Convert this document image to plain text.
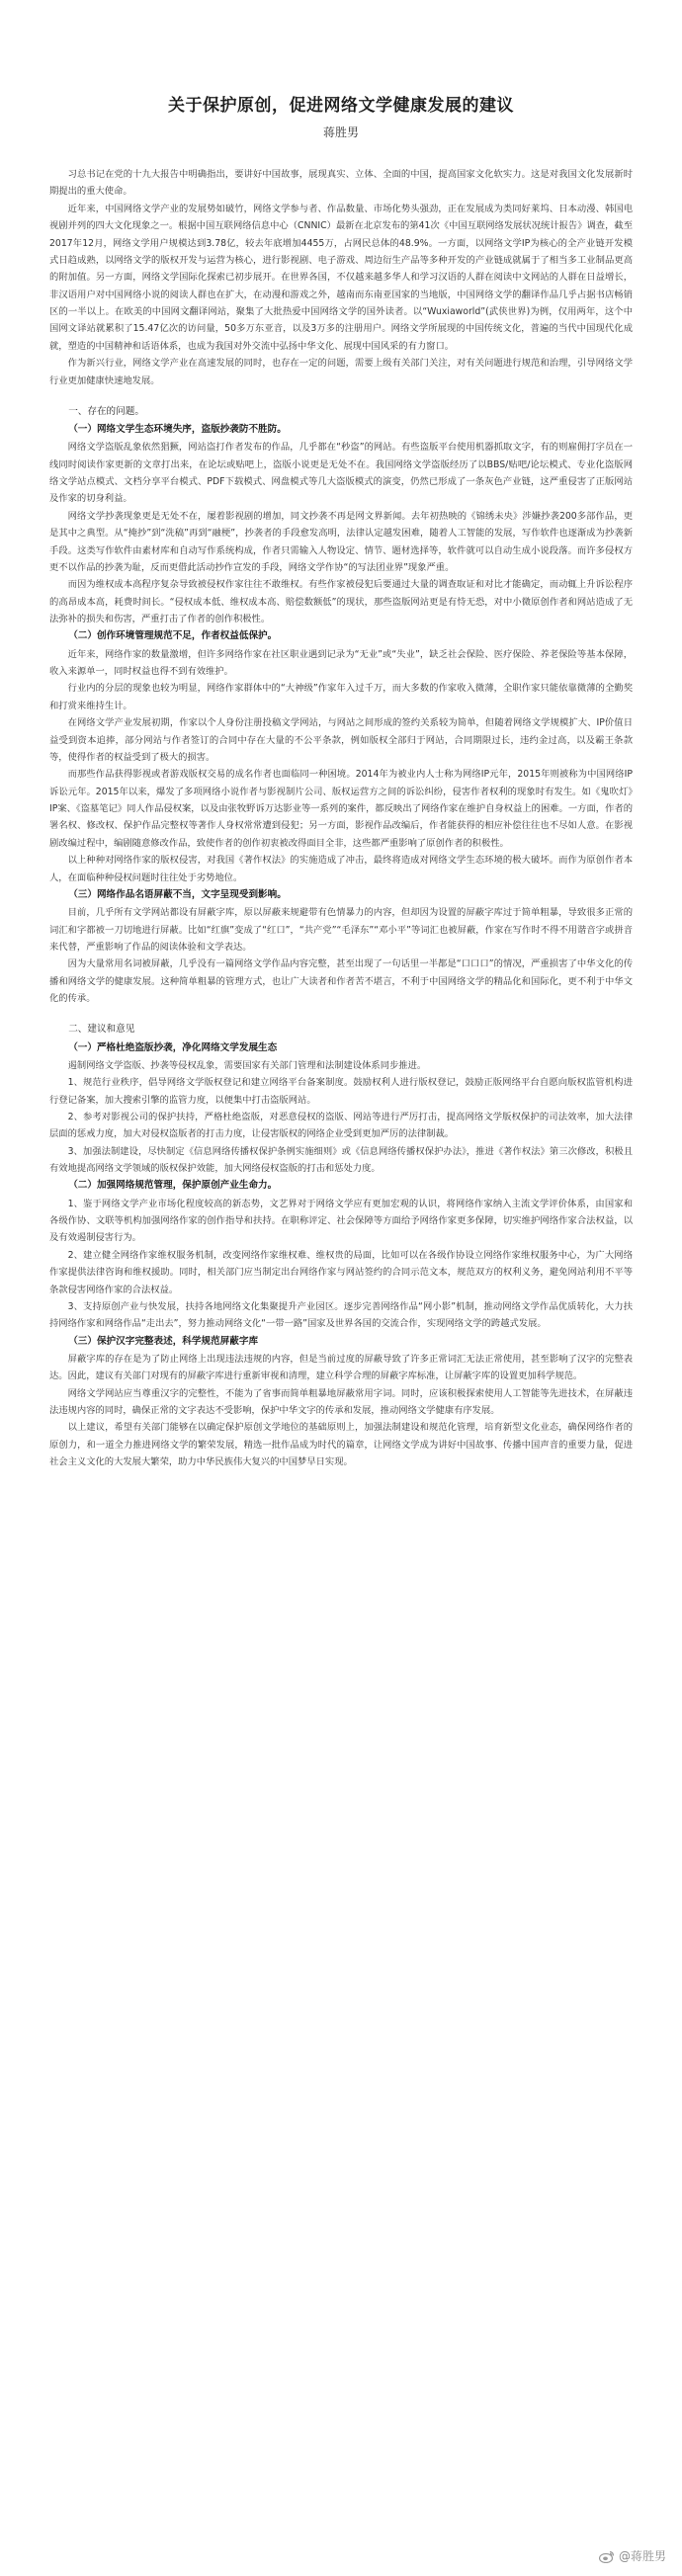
关于保护原创，促进网络文学健康发展的建议
蒋胜男

习总书记在党的十九大报告中明确指出，要讲好中国故事，展现真实、立体、全面的中国，提高国家文化软实力。这是对我国文化发展新时期提出的重大使命。

近年来，中国网络文学产业的发展势如破竹，网络文学参与者、作品数量、市场化势头强劲，正在发展成为类同好莱坞、日本动漫、韩国电视剧并列的四大文化现象之一。根据中国互联网络信息中心（CNNIC）最新在北京发布的第41次《中国互联网络发展状况统计报告》调查，截至2017年12月，网络文学用户规模达到3.78亿，较去年底增加4455万，占网民总体的48.9%。一方面，以网络文学IP为核心的全产业链开发模式日趋成熟，以网络文学的版权开发与运营为核心，进行影视剧、电子游戏、周边衍生产品等多种开发的产业链成就属于了相当多工业制品更高的附加值。另一方面，网络文学国际化探索已初步展开。在世界各国，不仅越来越多华人和学习汉语的人群在阅读中文网站的人群在日益增长，非汉语用户对中国网络小说的阅读人群也在扩大，在动漫和游戏之外，越南而东南亚国家的当地版，中国网络文学的翻译作品几乎占据书店畅销区的一半以上。在欧美的中国网文翻译网站，聚集了大批热爱中国网络文学的国外读者。以“Wuxiaworld”(武侠世界)为例，仅用两年，这个中国网文译站就累积了15.47亿次的访问量，50多万东亚音，以及3万多的注册用户。网络文学所展现的中国传统文化，普遍的当代中国现代化成就，塑造的中国精神和话语体系，也成为我国对外交流中弘扬中华文化、展现中国风采的有力窗口。

作为新兴行业，网络文学产业在高速发展的同时，也存在一定的问题，需要上级有关部门关注，对有关问题进行规范和治理，引导网络文学行业更加健康快速地发展。

一、存在的问题。
（一）网络文学生态环境失序，盗版抄袭防不胜防。

网络文学盗版乱象依然猖獗，网站盗打作者发布的作品，几乎都在“秒盗”的网站。有些盗版平台使用机器抓取文字，有的则雇佣打字员在一线同时阅读作家更新的文章打出来，在论坛或贴吧上，盗版小说更是无处不在。我国网络文学盗版经历了以BBS/贴吧/论坛模式、专业化盗版网络文学站点模式、文档分享平台模式、PDF下载模式、网盘模式等几大盗版模式的演变，仍然已形成了一条灰色产业链，这严重侵害了正版网站及作家的切身利益。

网络文学抄袭现象更是无处不在，屡着影视剧的增加，同文抄袭不再是网文界新闻。去年初热映的《锦绣未央》涉嫌抄袭200多部作品，更是其中之典型。从“掩抄”到“洗稿”再到“融梗”，抄袭者的手段愈发高明，法律认定越发困难，随着人工智能的发展，写作软件也逐渐成为抄袭新手段。这类写作软件由素材库和自动写作系统构成，作者只需输入人物设定、情节、题材选择等，软件就可以自动生成小说段落。而许多侵权方更不以作品的抄袭为耻，反而更借此活动抄作宣发的手段，网络文学作协“的写法团业界”现象严重。

而因为维权成本高程序复杂导致被侵权作家往往不敢维权。有些作家被侵犯后要通过大量的调查取证和对比才能确定，而动辄上升诉讼程序的高昂成本高，耗费时间长。“侵权成本低、维权成本高、赔偿数额低”的现状，那些盗版网站更是有恃无恐，对中小微原创作者和网站造成了无法弥补的损失和伤害，严重打击了作者的创作积极性。

（二）创作环境管理规范不足，作者权益低保护。

近年来，网络作家的数量激增，但许多网络作家在社区职业遇到记录为“无业”或“失业”，缺乏社会保险、医疗保险、养老保险等基本保障，收入来源单一，同时权益也得不到有效维护。

行业内的分层的现象也较为明显，网络作家群体中的“大神级”作家年入过千万，而大多数的作家收入微薄，全职作家只能依靠微薄的全勤奖和打赏来维持生计。

在网络文学产业发展初期，作家以个人身份注册投稿文学网站，与网站之间形成的签约关系较为简单，但随着网络文学规模扩大、IP价值日益受到资本追捧，部分网站与作者签订的合同中存在大量的不公平条款，例如版权全部归于网站，合同期限过长，违约金过高，以及霸王条款等，使得作者的权益受到了极大的损害。

而那些作品获得影视或者游戏版权交易的成名作者也面临同一种困境。2014年为被业内人士称为网络IP元年，2015年则被称为中国网络IP诉讼元年。2015年以来，爆发了多项网络小说作者与影视制片公司、版权运营方之间的诉讼纠纷，侵害作者权利的现象时有发生。如《鬼吹灯》IP案、《盗墓笔记》同人作品侵权案，以及由张牧野诉万达影业等一系列的案件，都反映出了网络作家在维护自身权益上的困难。一方面，作者的署名权、修改权、保护作品完整权等著作人身权常常遭到侵犯；另一方面，影视作品改编后，作者能获得的相应补偿往往也不尽如人意。在影视剧改编过程中，编剧随意修改作品，致使作者的创作初衷被改得面目全非，这些都严重影响了原创作者的积极性。

以上种种对网络作家的版权侵害，对我国《著作权法》的实施造成了冲击，最终将造成对网络文学生态环境的极大破坏。而作为原创作者本人，在面临种种侵权问题时往往处于劣势地位。

（三）网络作品名语屏蔽不当，文字呈现受到影响。

目前，几乎所有文学网站都设有屏蔽字库，原以屏蔽来规避带有色情暴力的内容，但却因为设置的屏蔽字库过于简单粗暴，导致很多正常的词汇和字都被一刀切地进行屏蔽。比如“红旗”变成了“红口”，“共产党”“毛泽东”“邓小平”等词汇也被屏蔽，作家在写作时不得不用谐音字或拼音来代替，严重影响了作品的阅读体验和文学表达。

因为大量常用名词被屏蔽，几乎没有一篇网络文学作品内容完整，甚至出现了一句话里一半都是“口口口”的情况，严重损害了中华文化的传播和网络文学的健康发展。这种简单粗暴的管理方式，也让广大读者和作者苦不堪言，不利于中国网络文学的精品化和国际化，更不利于中华文化的传承。

二、建议和意见
（一）严格杜绝盗版抄袭，净化网络文学发展生态

遏制网络文学盗版、抄袭等侵权乱象，需要国家有关部门管理和法制建设体系同步推进。

1、规范行业秩序，倡导网络文学版权登记和建立网络平台备案制度。鼓励权利人进行版权登记，鼓励正版网络平台自愿向版权监管机构进行登记备案，加大搜索引擎的监管力度，以便集中打击盗版网站。

2、参考对影视公司的保护扶持，严格杜绝盗版，对恶意侵权的盗版、网站等进行严厉打击，提高网络文学版权保护的司法效率，加大法律层面的惩戒力度，加大对侵权盗版者的打击力度，让侵害版权的网络企业受到更加严厉的法律制裁。

3、加强法制建设，尽快制定《信息网络传播权保护条例实施细则》或《信息网络传播权保护办法》，推进《著作权法》第三次修改，积极且有效地提高网络文学领域的版权保护效能，加大网络侵权盗版的打击和惩处力度。

（二）加强网络规范管理，保护原创产业生命力。

1、鉴于网络文学产业市场化程度较高的新态势，文艺界对于网络文学应有更加宏观的认识，将网络作家纳入主流文学评价体系，由国家和各级作协、文联等机构加强网络作家的创作指导和扶持。在职称评定、社会保障等方面给予网络作家更多保障，切实维护网络作家合法权益，以及有效遏制侵害行为。

2、建立健全网络作家维权服务机制，改变网络作家维权难、维权贵的局面，比如可以在各级作协设立网络作家维权服务中心，为广大网络作家提供法律咨询和维权援助。同时，相关部门应当制定出台网络作家与网站签约的合同示范文本，规范双方的权利义务，避免网站利用不平等条款侵害网络作家的合法权益。

3、支持原创产业与快发展，扶持各地网络文化集聚提升产业园区。逐步完善网络作品“网小影”机制，推动网络文学作品优质转化，大力扶持网络作家和网络作品“走出去”，努力推动网络文化“一带一路”国家及世界各国的交流合作，实现网络文学的跨越式发展。

（三）保护汉字完整表述，科学规范屏蔽字库

屏蔽字库的存在是为了防止网络上出现违法违规的内容，但是当前过度的屏蔽导致了许多正常词汇无法正常使用，甚至影响了汉字的完整表达。因此，建议有关部门对现有的屏蔽字库进行重新审视和清理，建立科学合理的屏蔽字库标准，让屏蔽字库的设置更加科学规范。

网络文学网站应当尊重汉字的完整性，不能为了省事而简单粗暴地屏蔽常用字词。同时，应该积极探索使用人工智能等先进技术，在屏蔽违法违规内容的同时，确保正常的文字表达不受影响，保护中华文字的传承和发展，推动网络文学健康有序发展。

以上建议，希望有关部门能够在以确定保护原创文学地位的基础原则上，加强法制建设和规范化管理，培育新型文化业态，确保网络作者的原创力，和一道全力推进网络文学的繁荣发展，精选一批作品成为时代的篇章，让网络文学成为讲好中国故事、传播中国声音的重要力量，促进社会主义文化的大发展大繁荣，助力中华民族伟大复兴的中国梦早日实现。

@蒋胜男
